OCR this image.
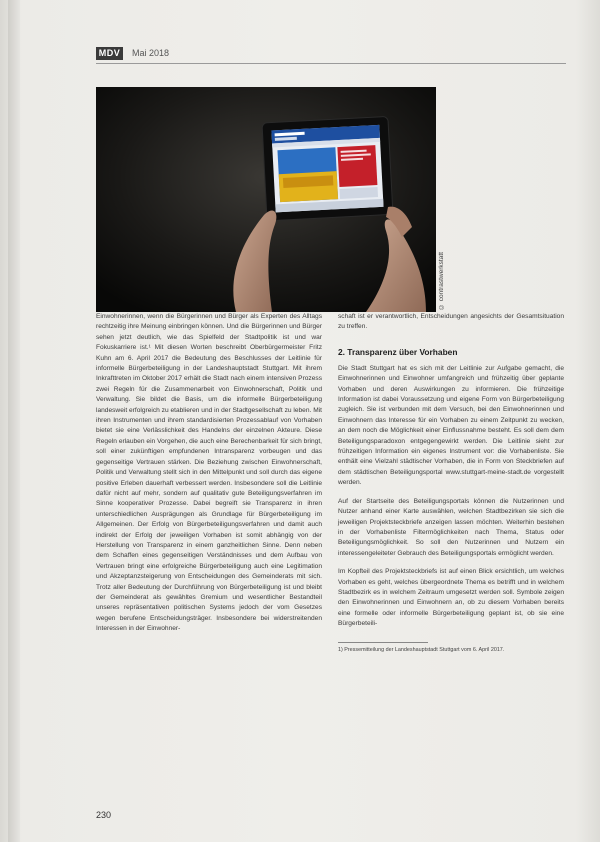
MDV	Mai 2018
© contrastwerkstatt

Einwohnerinnen, wenn die Bürgerinnen und Bürger als Experten des Alltags rechtzeitig ihre Meinung einbringen können. Und die Bürgerinnen und Bürger sehen jetzt deutlich, wie das Spielfeld der Stadtpolitik ist und war Fokuskarriere ist.¹ Mit diesen Worten beschreibt Oberbürgermeister Fritz Kuhn am 6. April 2017 die Bedeutung des Beschlusses der Leitlinie für informelle Bürgerbeteiligung in der Landeshauptstadt Stuttgart. Mit ihrem Inkrafttreten im Oktober 2017 erhält die Stadt nach einem intensiven Prozess zwei Regeln für die Zusammenarbeit von Einwohnerschaft, Politik und Verwaltung. Sie bildet die Basis, um die informelle Bürgerbeteiligung landesweit erfolgreich zu etablieren und in der Stadtgesellschaft zu leben. Mit ihren Instrumenten und ihrem standardisierten Prozessablauf von Vorhaben bietet sie eine Verlässlichkeit des Handelns der einzelnen Akteure. Diese Regeln erlauben ein Vorgehen, die auch eine Berechenbarkeit für sich bringt, soll einer zukünftigen empfundenen Intransparenz vorbeugen und das gegenseitige Vertrauen stärken. Die Beziehung zwischen Einwohnerschaft, Politik und Verwaltung stellt sich in den Mittelpunkt und soll durch das eigene positive Erleben dauerhaft verbessert werden. Insbesondere soll die Leitlinie dafür nicht auf mehr, sondern auf qualitativ gute Beteiligungsverfahren im Sinne kooperativer Prozesse. Dabei begreift sie Transparenz in ihren unterschiedlichen Ausprägungen als Grundlage für Bürgerbeteiligung im Allgemeinen. Der Erfolg von Bürgerbeteiligungsverfahren und damit auch indirekt der Erfolg der jeweiligen Vorhaben ist somit abhängig von der Herstellung von Transparenz in einem ganzheitlichen Sinne. Denn neben dem Schaffen eines gegenseitigen Verständnisses und dem Aufbau von Vertrauen bringt eine erfolgreiche Bürgerbeteiligung auch eine Legitimation und Akzeptanzsteigerung von Entscheidungen des Gemeinderats mit sich. Trotz aller Bedeutung der Durchführung von Bürgerbeteiligung ist und bleibt der Gemeinderat als gewähltes Gremium und wesentlicher Bestandteil unseres repräsentativen politischen Systems jedoch der vom Gesetzes wegen berufene Entscheidungsträger. Insbesondere bei widerstreitenden Interessen in der Einwohner-

schaft ist er verantwortlich, Entscheidungen angesichts der Gesamtsituation zu treffen.

2. Transparenz über Vorhaben

Die Stadt Stuttgart hat es sich mit der Leitlinie zur Aufgabe gemacht, die Einwohnerinnen und Einwohner umfangreich und frühzeitig über geplante Vorhaben und deren Auswirkungen zu informieren. Die frühzeitige Information ist dabei Voraussetzung und eigene Form von Bürgerbeteiligung zugleich. Sie ist verbunden mit dem Versuch, bei den Einwohnerinnen und Einwohnern das Interesse für ein Vorhaben zu einem Zeitpunkt zu wecken, an dem noch die Möglichkeit einer Einflussnahme besteht. Es soll dem dem Beteiligungsparadoxon entgegengewirkt werden. Die Leitlinie sieht zur frühzeitigen Information ein eigenes Instrument vor: die Vorhabenliste. Sie enthält eine Vielzahl städtischer Vorhaben, die in Form von Steckbriefen auf dem städtischen Beteiligungsportal www.stuttgart-meine-stadt.de vorgestellt werden.

Auf der Startseite des Beteiligungsportals können die Nutzerinnen und Nutzer anhand einer Karte auswählen, welchen Stadtbezirken sie sich die jeweiligen Projektsteckbriefe anzeigen lassen möchten. Weiterhin bestehen in der Vorhabenliste Filtermöglichkeiten nach Thema, Status oder Beteiligungsmöglichkeit. So soll den Nutzerinnen und Nutzern ein interessengeleiteter Gebrauch des Beteiligungsportals ermöglicht werden.

Im Kopfteil des Projektsteckbriefs ist auf einen Blick ersichtlich, um welches Vorhaben es geht, welches übergeordnete Thema es betrifft und in welchem Stadtbezirk es in welchem Zeitraum umgesetzt werden soll. Symbole zeigen den Einwohnerinnen und Einwohnern an, ob zu diesem Vorhaben bereits eine formelle oder informelle Bürgerbeteiligung geplant ist, ob sie eine Bürgerbeteili-

1) Pressemitteilung der Landeshauptstadt Stuttgart vom 6. April 2017.
230
